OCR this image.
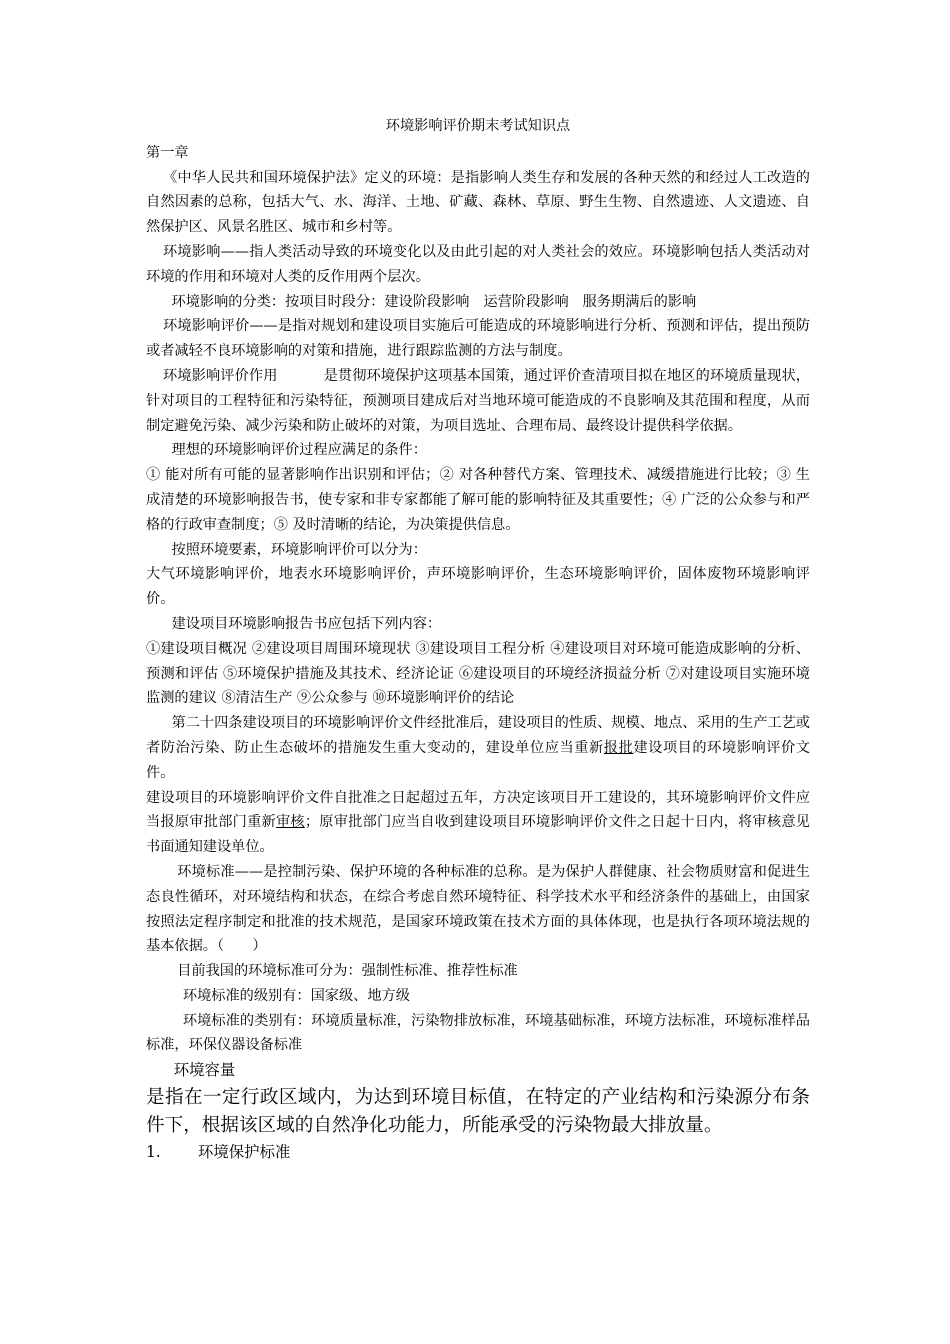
环境影响评价期末考试知识点

第一章

《中华人民共和国环境保护法》定义的环境：是指影响人类生存和发展的各种天然的和经过人工改造的自然因素的总称，包括大气、水、海洋、土地、矿藏、森林、草原、野生生物、自然遗迹、人文遗迹、自然保护区、风景名胜区、城市和乡村等。

环境影响——指人类活动导致的环境变化以及由此引起的对人类社会的效应。环境影响包括人类活动对环境的作用和环境对人类的反作用两个层次。

环境影响的分类：按项目时段分：建设阶段影响 运营阶段影响 服务期满后的影响

环境影响评价——是指对规划和建设项目实施后可能造成的环境影响进行分析、预测和评估，提出预防或者减轻不良环境影响的对策和措施，进行跟踪监测的方法与制度。

环境影响评价作用	是贯彻环境保护这项基本国策，通过评价查清项目拟在地区的环境质量现状，针对项目的工程特征和污染特征，预测项目建成后对当地环境可能造成的不良影响及其范围和程度，从而制定避免污染、减少污染和防止破坏的对策，为项目选址、合理布局、最终设计提供科学依据。

理想的环境影响评价过程应满足的条件：

① 能对所有可能的显著影响作出识别和评估；② 对各种替代方案、管理技术、减缓措施进行比较；③ 生成清楚的环境影响报告书，使专家和非专家都能了解可能的影响特征及其重要性；④ 广泛的公众参与和严格的行政审查制度；⑤ 及时清晰的结论，为决策提供信息。

按照环境要素，环境影响评价可以分为：

大气环境影响评价，地表水环境影响评价，声环境影响评价，生态环境影响评价，固体废物环境影响评价。

建设项目环境影响报告书应包括下列内容：

①建设项目概况 ②建设项目周围环境现状 ③建设项目工程分析 ④建设项目对环境可能造成影响的分析、预测和评估 ⑤环境保护措施及其技术、经济论证 ⑥建设项目的环境经济损益分析 ⑦对建设项目实施环境监测的建议 ⑧清洁生产 ⑨公众参与 ⑩环境影响评价的结论

第二十四条建设项目的环境影响评价文件经批准后，建设项目的性质、规模、地点、采用的生产工艺或者防治污染、防止生态破坏的措施发生重大变动的，建设单位应当重新报批建设项目的环境影响评价文件。

建设项目的环境影响评价文件自批准之日起超过五年，方决定该项目开工建设的，其环境影响评价文件应当报原审批部门重新审核；原审批部门应当自收到建设项目环境影响评价文件之日起十日内，将审核意见书面通知建设单位。

环境标准——是控制污染、保护环境的各种标准的总称。是为保护人群健康、社会物质财富和促进生态良性循环，对环境结构和状态，在综合考虑自然环境特征、科学技术水平和经济条件的基础上，由国家按照法定程序制定和批准的技术规范，是国家环境政策在技术方面的具体体现，也是执行各项环境法规的基本依据。（　　）

目前我国的环境标准可分为：强制性标准、推荐性标准

环境标准的级别有：国家级、地方级

环境标准的类别有：环境质量标准，污染物排放标准，环境基础标准，环境方法标准，环境标准样品标准，环保仪器设备标准

环境容量

是指在一定行政区域内，为达到环境目标值，在特定的产业结构和污染源分布条件下，根据该区域的自然净化功能力，所能承受的污染物最大排放量。

1. 环境保护标准
